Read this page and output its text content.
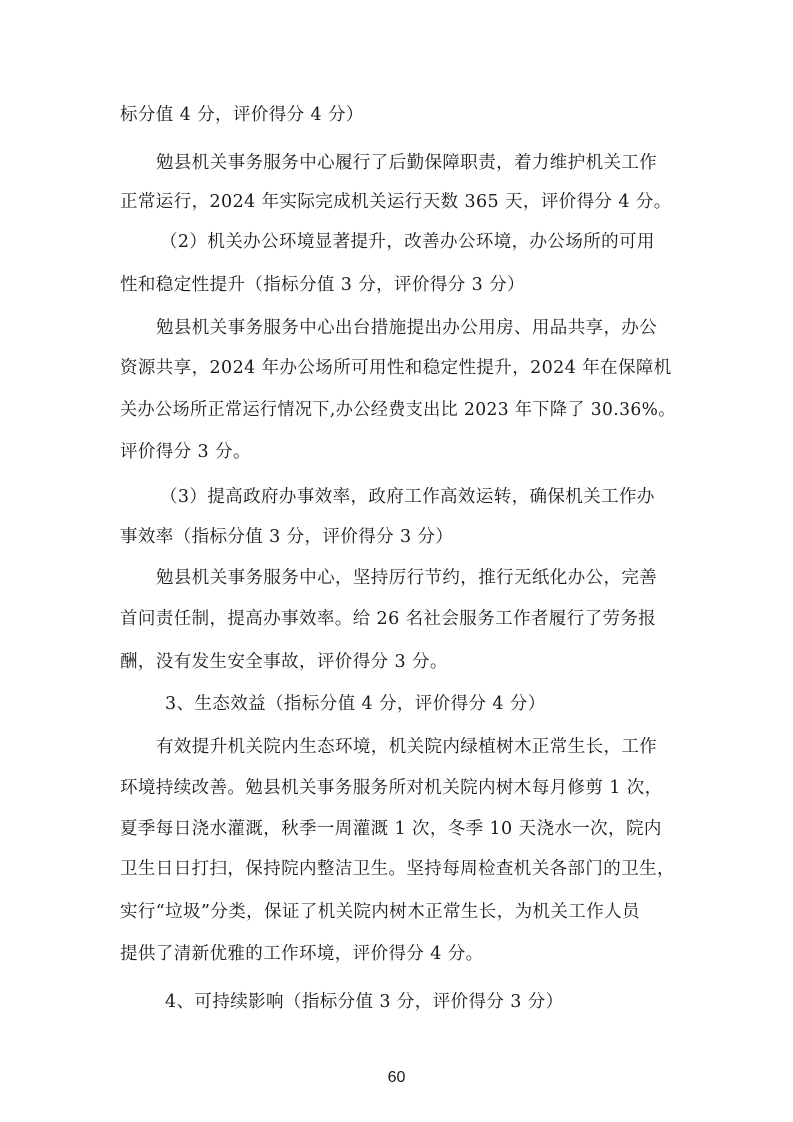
标分值 4 分，评价得分 4 分）
勉县机关事务服务中心履行了后勤保障职责，着力维护机关工作
正常运行，2024 年实际完成机关运行天数 365 天，评价得分 4 分。
（2）机关办公环境显著提升，改善办公环境，办公场所的可用
性和稳定性提升（指标分值 3 分，评价得分 3 分）
勉县机关事务服务中心出台措施提出办公用房、用品共享，办公
资源共享，2024 年办公场所可用性和稳定性提升，2024 年在保障机
关办公场所正常运行情况下,办公经费支出比 2023 年下降了 30.36%。
评价得分 3 分。
（3）提高政府办事效率，政府工作高效运转，确保机关工作办
事效率（指标分值 3 分，评价得分 3 分）
勉县机关事务服务中心，坚持厉行节约，推行无纸化办公，完善
首问责任制，提高办事效率。给 26 名社会服务工作者履行了劳务报
酬，没有发生安全事故，评价得分 3 分。
3、生态效益（指标分值 4 分，评价得分 4 分）
有效提升机关院内生态环境，机关院内绿植树木正常生长，工作
环境持续改善。勉县机关事务服务所对机关院内树木每月修剪 1 次，
夏季每日浇水灌溉，秋季一周灌溉 1 次，冬季 10 天浇水一次，院内
卫生日日打扫，保持院内整洁卫生。坚持每周检查机关各部门的卫生，
实行“垃圾”分类，保证了机关院内树木正常生长，为机关工作人员
提供了清新优雅的工作环境，评价得分 4 分。
4、可持续影响（指标分值 3 分，评价得分 3 分）
60
